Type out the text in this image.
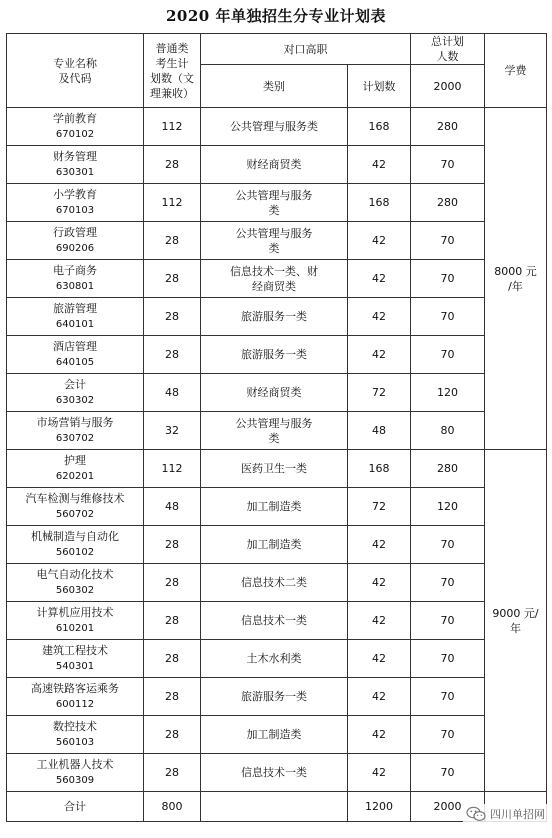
2020 年单独招生分专业计划表
专业名称
及代码	普通类
考生计
划数（文
理兼收）	对口高职		总计划
人数	学费
		类别	计划数	2000	
学前教育
670102	112	公共管理与服务类	168	280	8000 元
/年
财务管理
630301	28	财经商贸类	42	70	
小学教育
670103	112	公共管理与服务
类	168	280	
行政管理
690206	28	公共管理与服务
类	42	70	
电子商务
630801	28	信息技术一类、财
经商贸类	42	70	
旅游管理
640101	28	旅游服务一类	42	70	
酒店管理
640105	28	旅游服务一类	42	70	
会计
630302	48	财经商贸类	72	120	
市场营销与服务
630702	32	公共管理与服务
类	48	80	
护理
620201	112	医药卫生一类	168	280	9000 元/
年
汽车检测与维修技术
560702	48	加工制造类	72	120	
机械制造与自动化
560102	28	加工制造类	42	70	
电气自动化技术
560302	28	信息技术二类	42	70	
计算机应用技术
610201	28	信息技术一类	42	70	
建筑工程技术
540301	28	土木水利类	42	70	
高速铁路客运乘务
600112	28	旅游服务一类	42	70	
数控技术
560103	28	加工制造类	42	70	
工业机器人技术
560309	28	信息技术一类	42	70	
合计	800		1200	2000	
四川单招网
